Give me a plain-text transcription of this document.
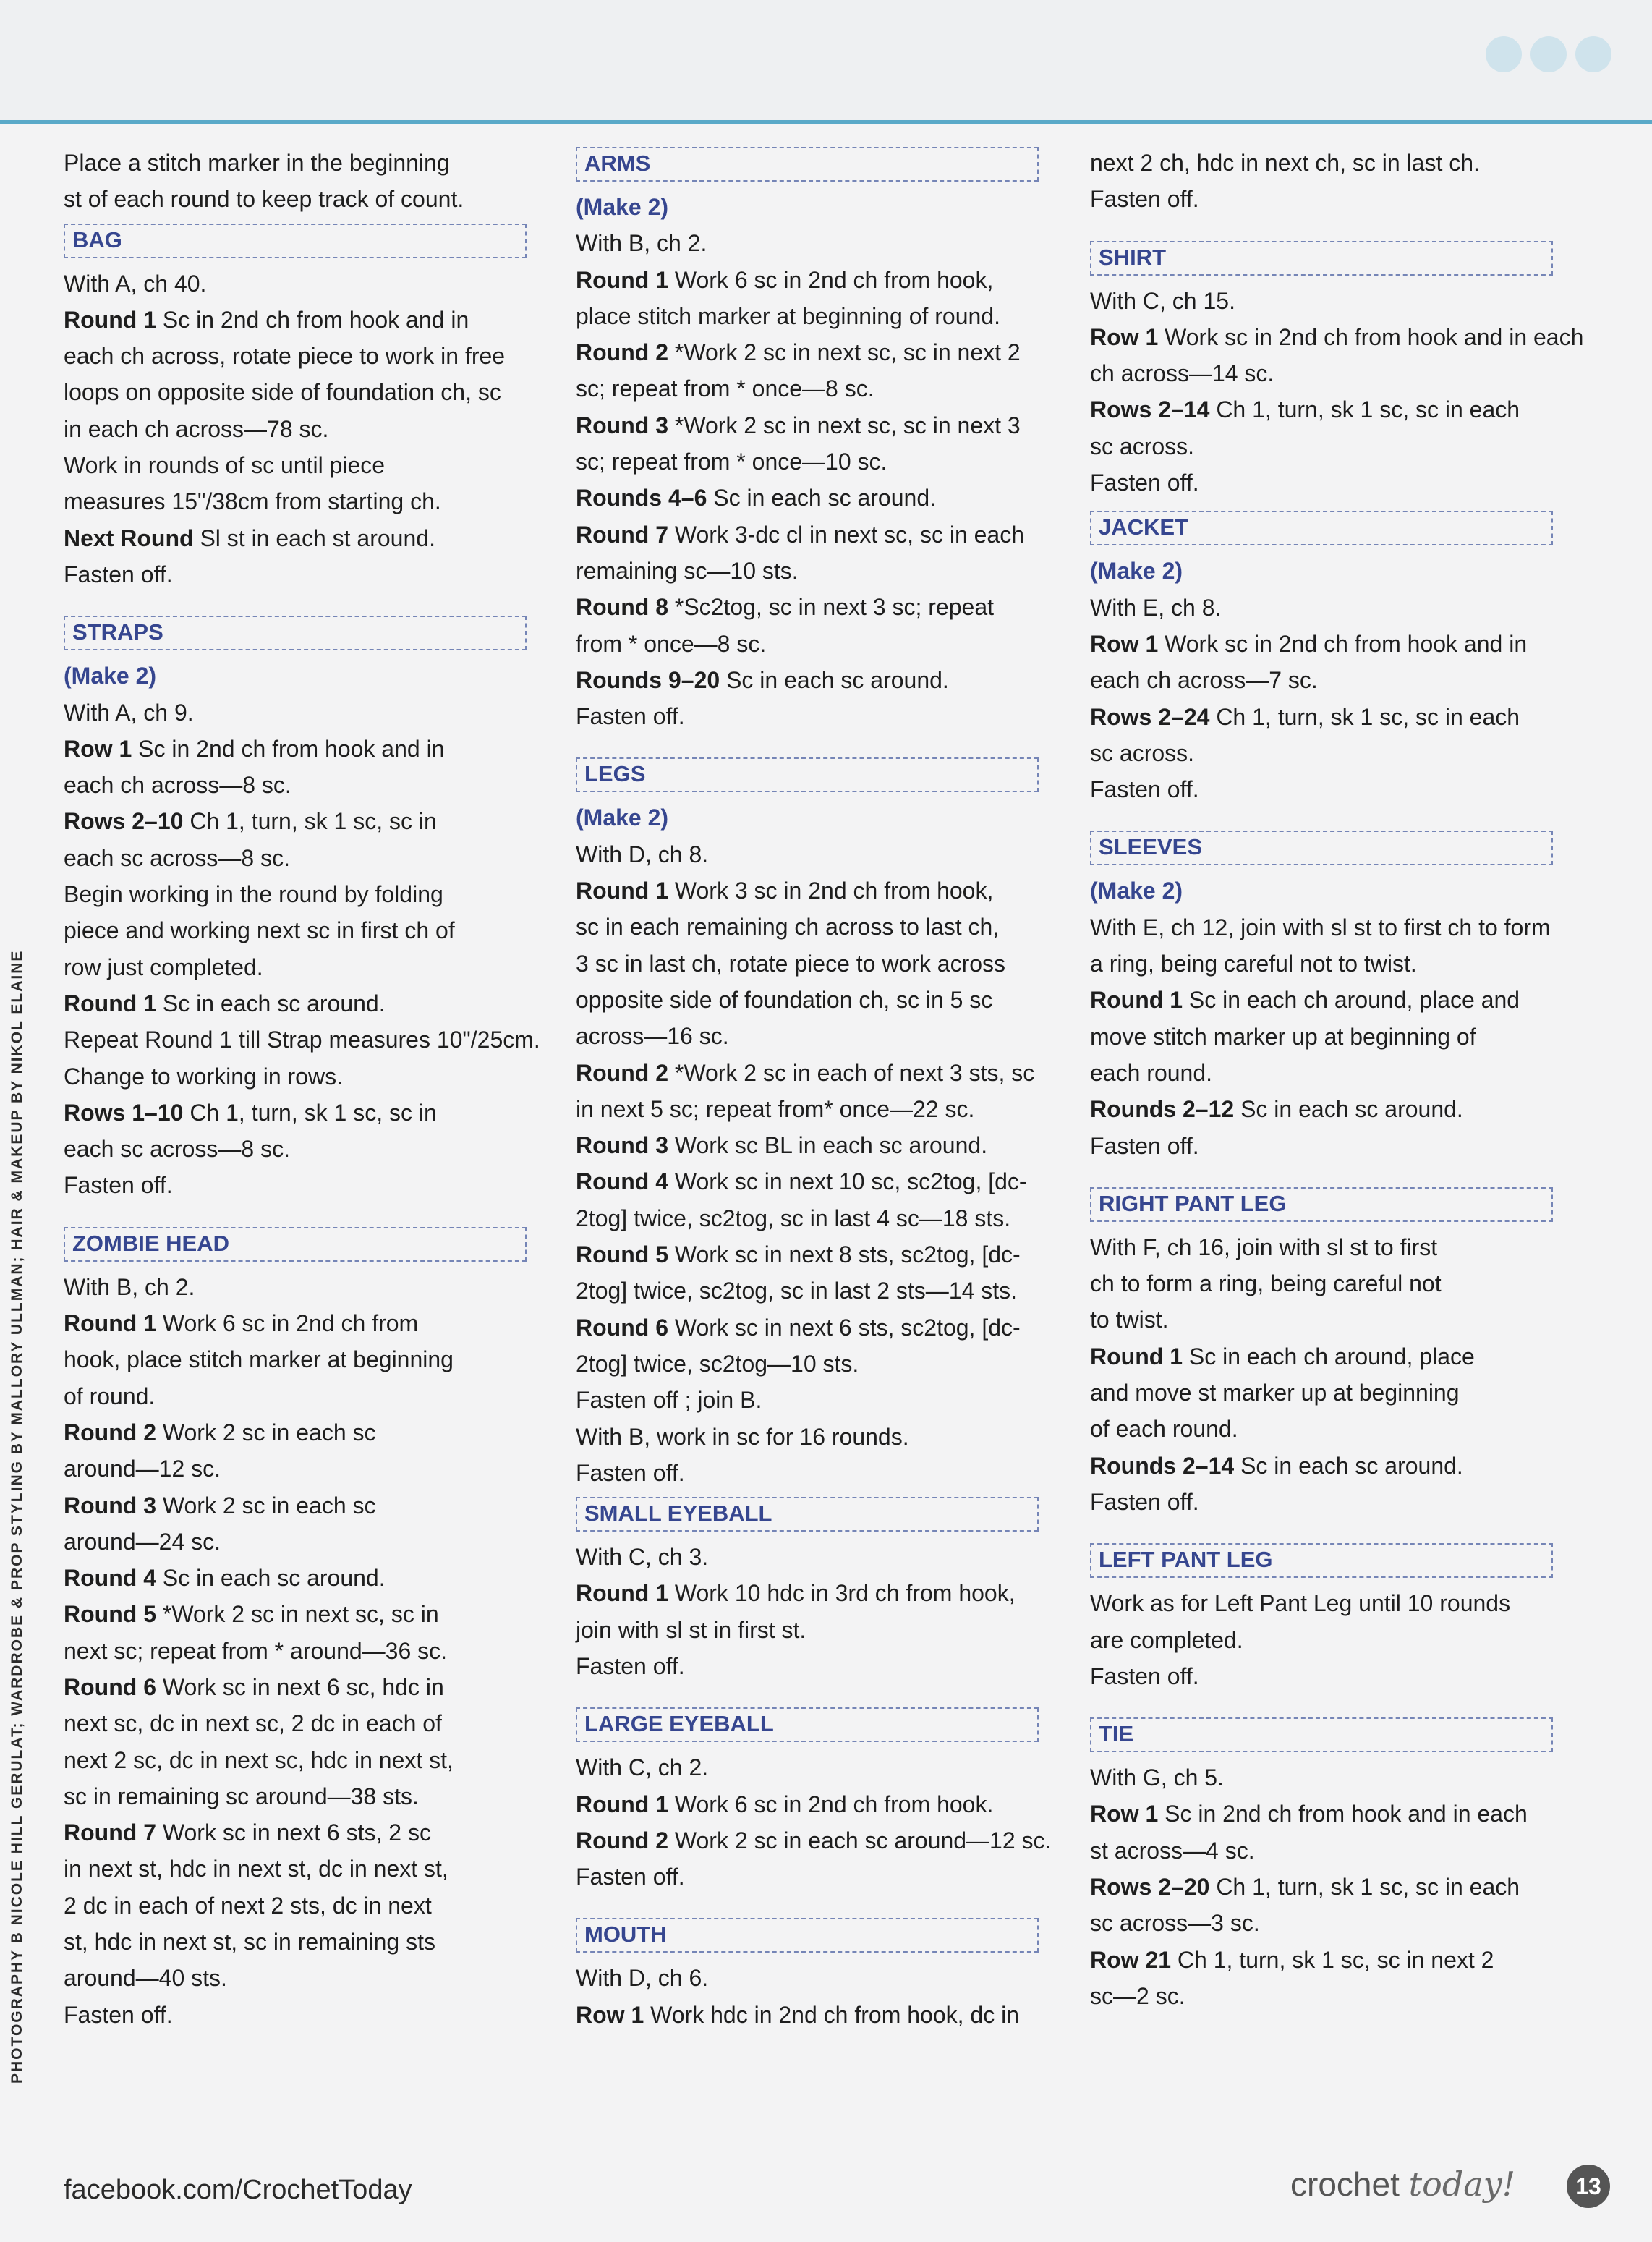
PHOTOGRAPHY B NICOLE HILL GERULAT; WARDROBE & PROP STYLING BY MALLORY ULLMAN; HAIR & MAKEUP BY NIKOL ELAINE

Place a stitch marker in the beginning

st of each round to keep track of count.

BAG

With A, ch 40.

Round 1 Sc in 2nd ch from hook and in

each ch across, rotate piece to work in free

loops on opposite side of foundation ch, sc

in each ch across—78 sc.

Work in rounds of sc until piece

measures 15"/38cm from starting ch.

Next Round Sl st in each st around.

Fasten off.

STRAPS

(Make 2)

With A, ch 9.

Row 1 Sc in 2nd ch from hook and in

each ch across—8 sc.

Rows 2–10 Ch 1, turn, sk 1 sc, sc in

each sc across—8 sc.

Begin working in the round by folding

piece and working next sc in first ch of

row just completed.

Round 1 Sc in each sc around.

Repeat Round 1 till Strap measures 10"/25cm.

Change to working in rows.

Rows 1–10 Ch 1, turn, sk 1 sc, sc in

each sc across—8 sc.

Fasten off.

ZOMBIE HEAD

With B, ch 2.

Round 1 Work 6 sc in 2nd ch from

hook, place stitch marker at beginning

of round.

Round 2 Work 2 sc in each sc

around—12 sc.

Round 3 Work 2 sc in each sc

around—24 sc.

Round 4 Sc in each sc around.

Round 5 *Work 2 sc in next sc, sc in

next sc; repeat from * around—36 sc.

Round 6 Work sc in next 6 sc, hdc in

next sc, dc in next sc, 2 dc in each of

next 2 sc, dc in next sc, hdc in next st,

sc in remaining sc around—38 sts.

Round 7 Work sc in next 6 sts, 2 sc

in next st, hdc in next st, dc in next st,

2 dc in each of next 2 sts, dc in next

st, hdc in next st, sc in remaining sts

around—40 sts.

Fasten off.

ARMS

(Make 2)

With B, ch 2.

Round 1 Work 6 sc in 2nd ch from hook,

place stitch marker at beginning of round.

Round 2 *Work 2 sc in next sc, sc in next 2

sc; repeat from * once—8 sc.

Round 3 *Work 2 sc in next sc, sc in next 3

sc; repeat from * once—10 sc.

Rounds 4–6 Sc in each sc around.

Round 7 Work 3-dc cl in next sc, sc in each

remaining sc—10 sts.

Round 8 *Sc2tog, sc in next 3 sc; repeat

from * once—8 sc.

Rounds 9–20 Sc in each sc around.

Fasten off.

LEGS

(Make 2)

With D, ch 8.

Round 1 Work 3 sc in 2nd ch from hook,

sc in each remaining ch across to last ch,

3 sc in last ch, rotate piece to work across

opposite side of foundation ch, sc in 5 sc

across—16 sc.

Round 2 *Work 2 sc in each of next 3 sts, sc

in next 5 sc; repeat from* once—22 sc.

Round 3 Work sc BL in each sc around.

Round 4 Work sc in next 10 sc, sc2tog, [dc-

2tog] twice, sc2tog, sc in last 4 sc—18 sts.

Round 5 Work sc in next 8 sts, sc2tog, [dc-

2tog] twice, sc2tog, sc in last 2 sts—14 sts.

Round 6 Work sc in next 6 sts, sc2tog, [dc-

2tog] twice, sc2tog—10 sts.

Fasten off ; join B.

With B, work in sc for 16 rounds.

Fasten off.

SMALL EYEBALL

With C, ch 3.

Round 1 Work 10 hdc in 3rd ch from hook,

join with sl st in first st.

Fasten off.

LARGE EYEBALL

With C, ch 2.

Round 1 Work 6 sc in 2nd ch from hook.

Round 2 Work 2 sc in each sc around—12 sc.

Fasten off.

MOUTH

With D, ch 6.

Row 1 Work hdc in 2nd ch from hook, dc in

next 2 ch, hdc in next ch, sc in last ch.

Fasten off.

SHIRT

With C, ch 15.

Row 1 Work sc in 2nd ch from hook and in each

ch across—14 sc.

Rows 2–14 Ch 1, turn, sk 1 sc, sc in each

sc across.

Fasten off.

JACKET

(Make 2)

With E, ch 8.

Row 1 Work sc in 2nd ch from hook and in

each ch across—7 sc.

Rows 2–24 Ch 1, turn, sk 1 sc, sc in each

sc across.

Fasten off.

SLEEVES

(Make 2)

With E, ch 12, join with sl st to first ch to form

a ring, being careful not to twist.

Round 1 Sc in each ch around, place and

move stitch marker up at beginning of

each round.

Rounds 2–12 Sc in each sc around.

Fasten off.

RIGHT PANT LEG

With F, ch 16, join with sl st to first

ch to form a ring, being careful not

to twist.

Round 1 Sc in each ch around, place

and move st marker up at beginning

of each round.

Rounds 2–14 Sc in each sc around.

Fasten off.

LEFT PANT LEG

Work as for Left Pant Leg until 10 rounds

are completed.

Fasten off.

TIE

With G, ch 5.

Row 1 Sc in 2nd ch from hook and in each

st across—4 sc.

Rows 2–20 Ch 1, turn, sk 1 sc, sc in each

sc across—3 sc.

Row 21 Ch 1, turn, sk 1 sc, sc in next 2

sc—2 sc.

facebook.com/CrochetToday	crochet today!	13
